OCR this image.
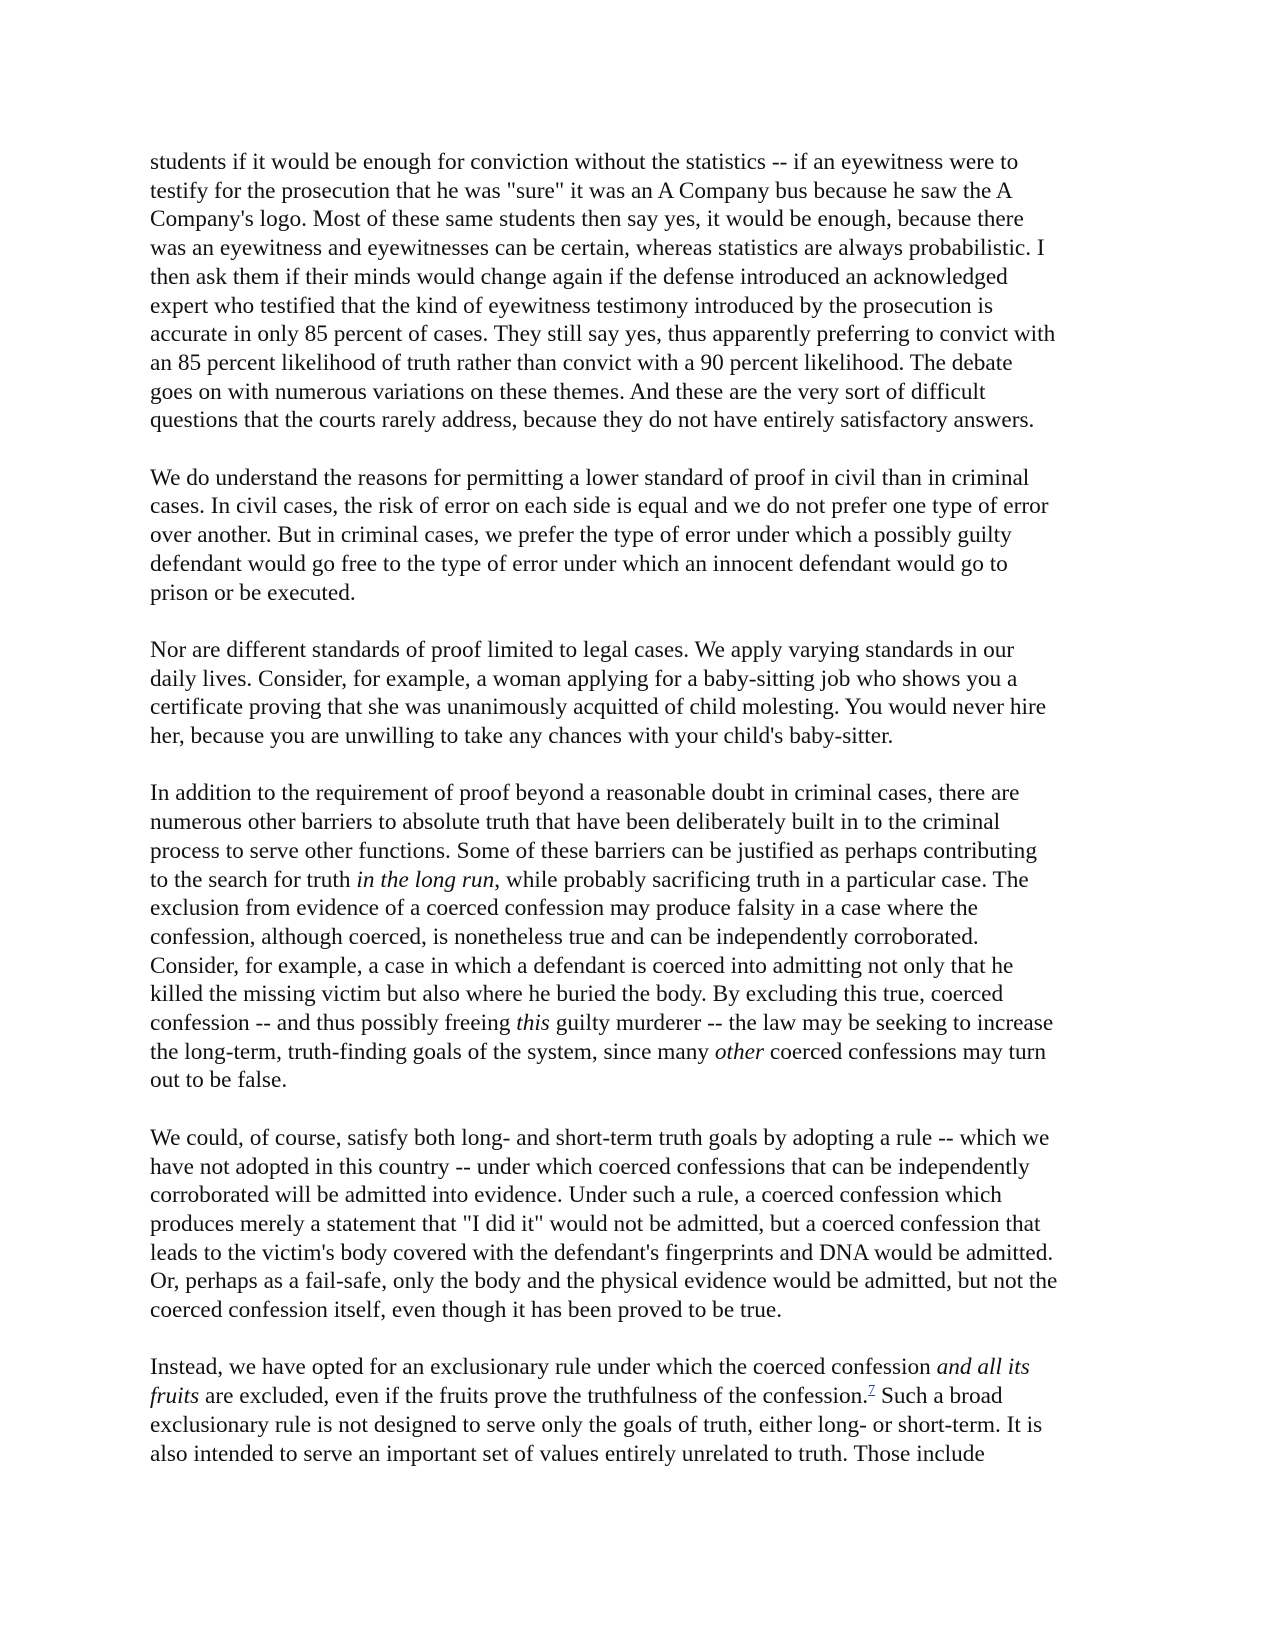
students if it would be enough for conviction without the statistics -- if an eyewitness were to
testify for the prosecution that he was "sure" it was an A Company bus because he saw the A
Company's logo. Most of these same students then say yes, it would be enough, because there
was an eyewitness and eyewitnesses can be certain, whereas statistics are always probabilistic. I
then ask them if their minds would change again if the defense introduced an acknowledged
expert who testified that the kind of eyewitness testimony introduced by the prosecution is
accurate in only 85 percent of cases. They still say yes, thus apparently preferring to convict with
an 85 percent likelihood of truth rather than convict with a 90 percent likelihood. The debate
goes on with numerous variations on these themes. And these are the very sort of difficult
questions that the courts rarely address, because they do not have entirely satisfactory answers.

We do understand the reasons for permitting a lower standard of proof in civil than in criminal
cases. In civil cases, the risk of error on each side is equal and we do not prefer one type of error
over another. But in criminal cases, we prefer the type of error under which a possibly guilty
defendant would go free to the type of error under which an innocent defendant would go to
prison or be executed.

Nor are different standards of proof limited to legal cases. We apply varying standards in our
daily lives. Consider, for example, a woman applying for a baby-sitting job who shows you a
certificate proving that she was unanimously acquitted of child molesting. You would never hire
her, because you are unwilling to take any chances with your child's baby-sitter.

In addition to the requirement of proof beyond a reasonable doubt in criminal cases, there are
numerous other barriers to absolute truth that have been deliberately built in to the criminal
process to serve other functions. Some of these barriers can be justified as perhaps contributing
to the search for truth in the long run, while probably sacrificing truth in a particular case. The
exclusion from evidence of a coerced confession may produce falsity in a case where the
confession, although coerced, is nonetheless true and can be independently corroborated.
Consider, for example, a case in which a defendant is coerced into admitting not only that he
killed the missing victim but also where he buried the body. By excluding this true, coerced
confession -- and thus possibly freeing this guilty murderer -- the law may be seeking to increase
the long-term, truth-finding goals of the system, since many other coerced confessions may turn
out to be false.

We could, of course, satisfy both long- and short-term truth goals by adopting a rule -- which we
have not adopted in this country -- under which coerced confessions that can be independently
corroborated will be admitted into evidence. Under such a rule, a coerced confession which
produces merely a statement that "I did it" would not be admitted, but a coerced confession that
leads to the victim's body covered with the defendant's fingerprints and DNA would be admitted.
Or, perhaps as a fail-safe, only the body and the physical evidence would be admitted, but not the
coerced confession itself, even though it has been proved to be true.

Instead, we have opted for an exclusionary rule under which the coerced confession and all its
fruits are excluded, even if the fruits prove the truthfulness of the confession.$^7$ Such a broad
exclusionary rule is not designed to serve only the goals of truth, either long- or short-term. It is
also intended to serve an important set of values entirely unrelated to truth. Those include
